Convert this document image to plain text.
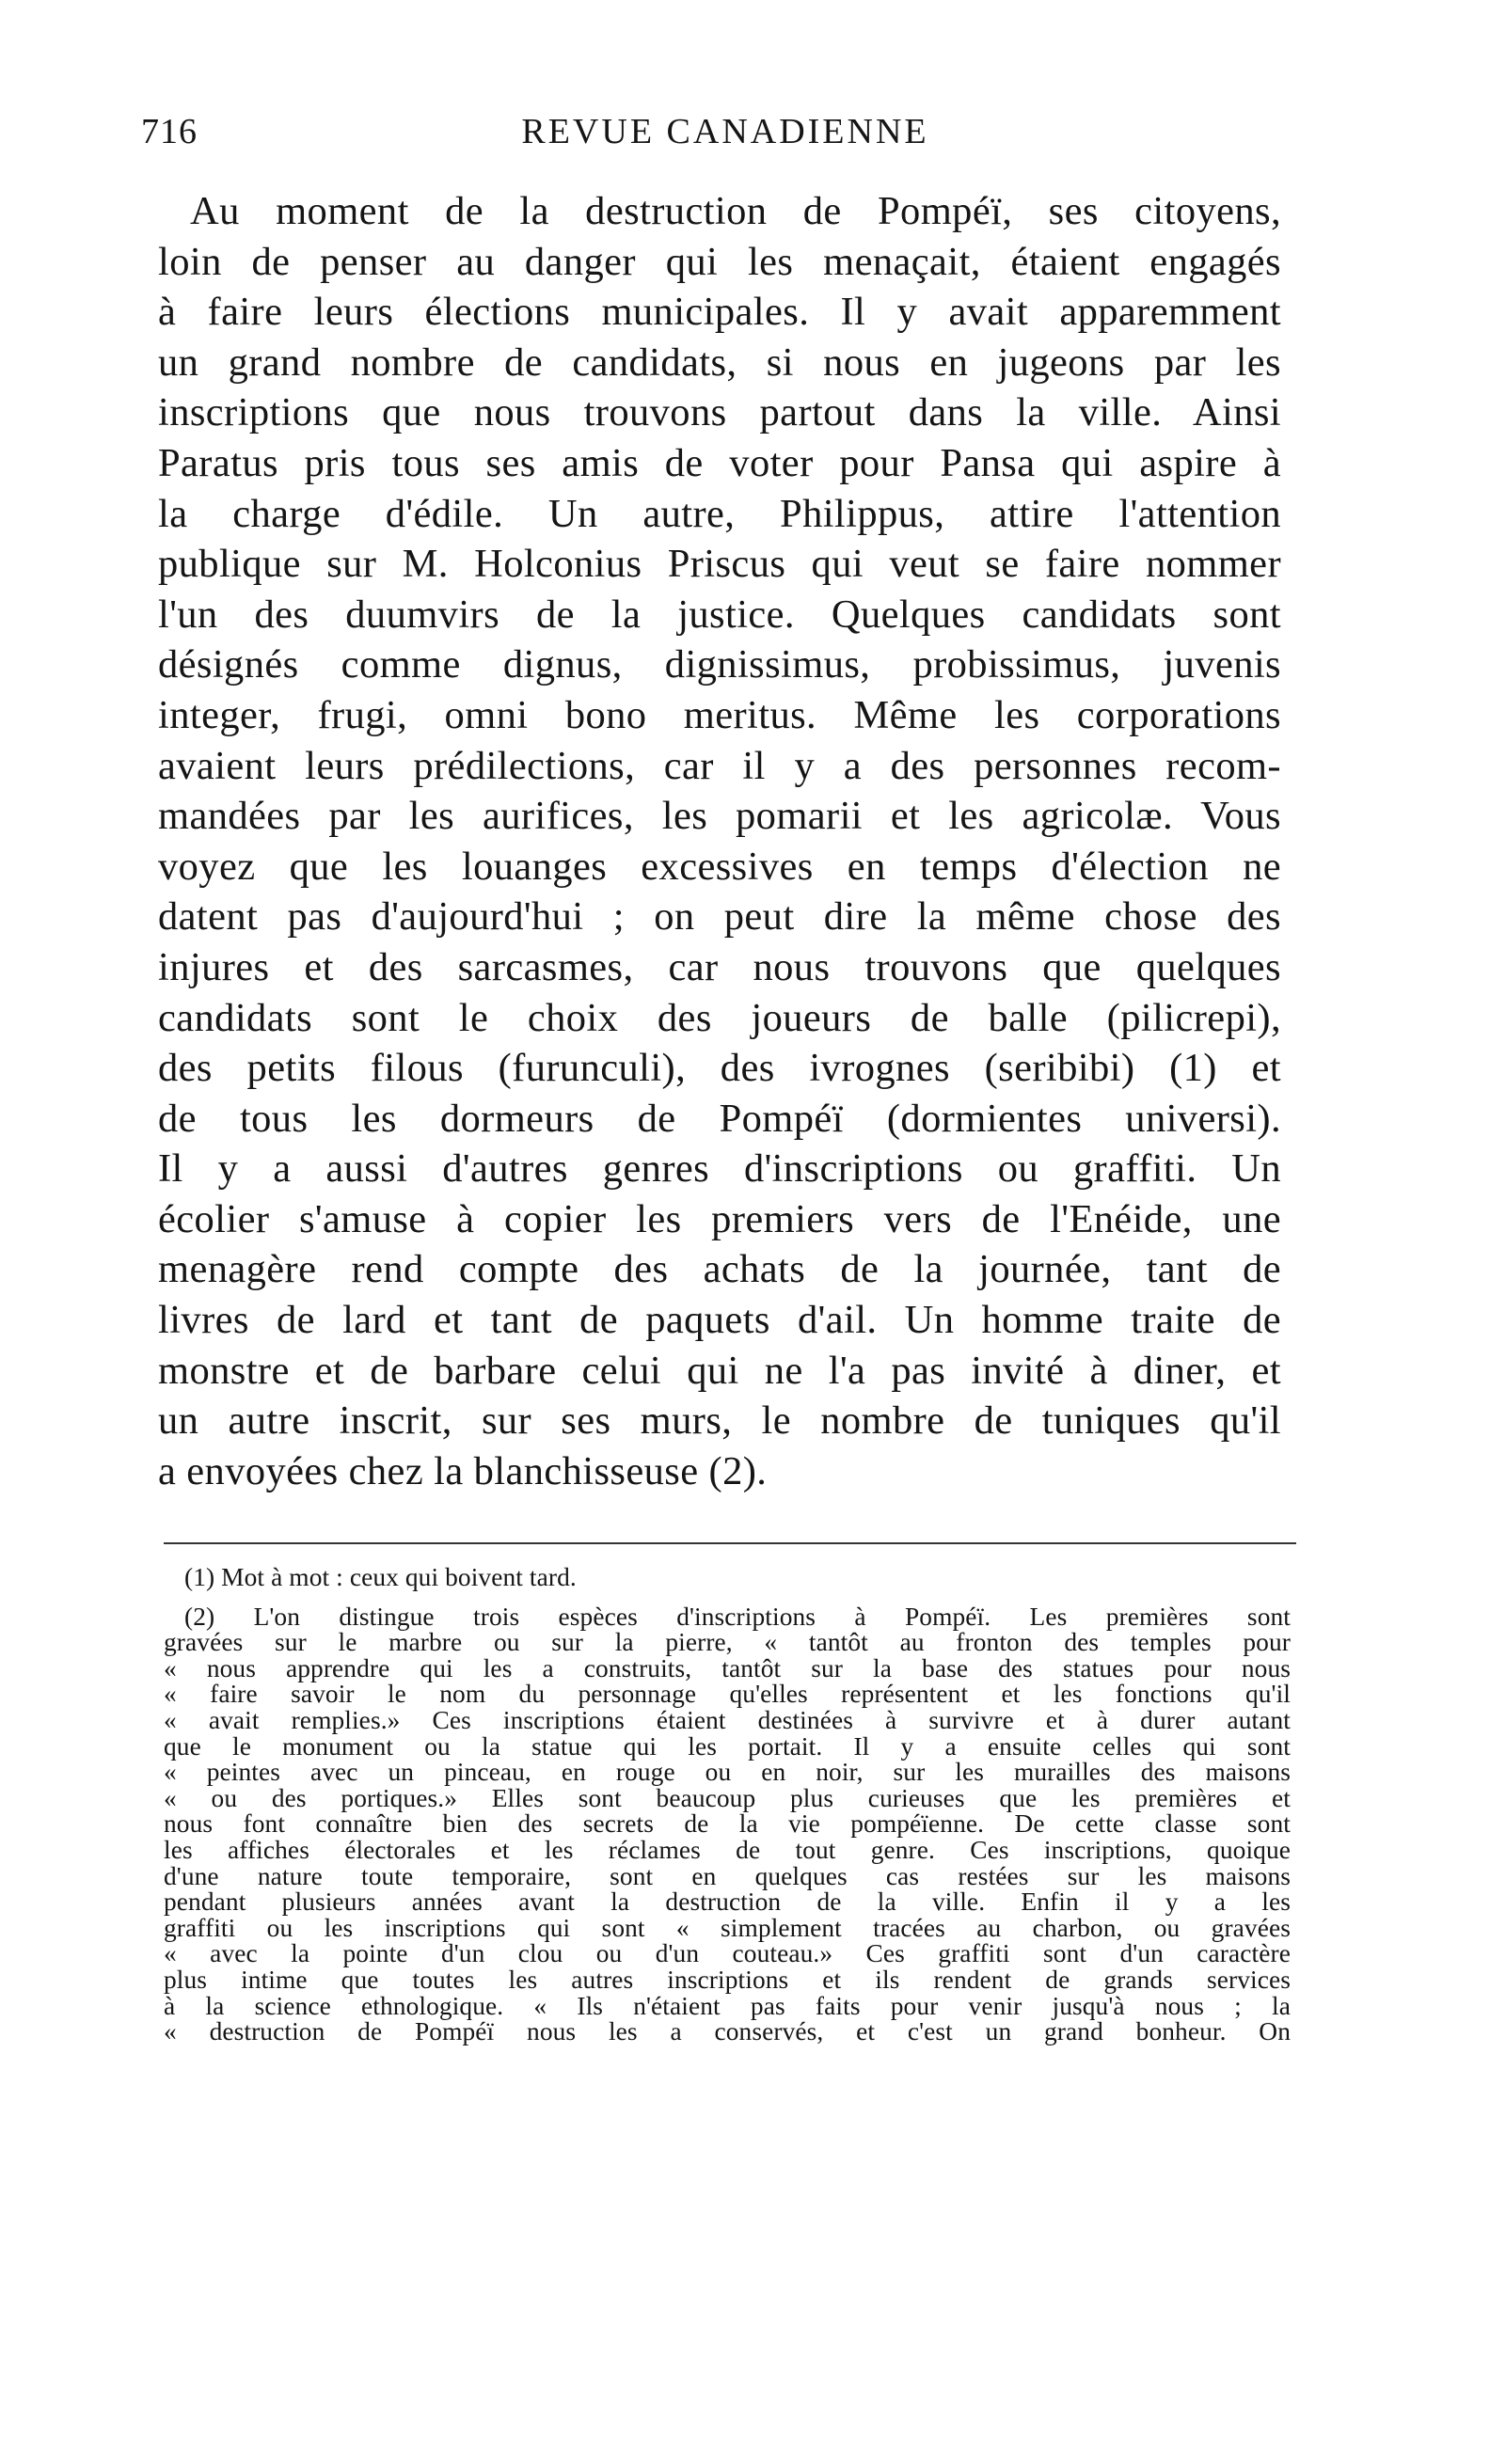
716	REVUE CANADIENNE
Au moment de la destruction de Pompéï, ses citoyens,
loin de penser au danger qui les menaçait, étaient engagés
à faire leurs élections municipales. Il y avait apparemment
un grand nombre de candidats, si nous en jugeons par les
inscriptions que nous trouvons partout dans la ville. Ainsi
Paratus pris tous ses amis de voter pour Pansa qui aspire à
la charge d'édile. Un autre, Philippus, attire l'attention
publique sur M. Holconius Priscus qui veut se faire nommer
l'un des duumvirs de la justice. Quelques candidats sont
désignés comme dignus, dignissimus, probissimus, juvenis
integer, frugi, omni bono meritus. Même les corporations
avaient leurs prédilections, car il y a des personnes recom-
mandées par les aurifices, les pomarii et les agricolæ. Vous
voyez que les louanges excessives en temps d'élection ne
datent pas d'aujourd'hui ; on peut dire la même chose des
injures et des sarcasmes, car nous trouvons que quelques
candidats sont le choix des joueurs de balle (pilicrepi),
des petits filous (furunculi), des ivrognes (seribibi) (1) et
de tous les dormeurs de Pompéï (dormientes universi).
Il y a aussi d'autres genres d'inscriptions ou graffiti. Un
écolier s'amuse à copier les premiers vers de l'Enéide, une
menagère rend compte des achats de la journée, tant de
livres de lard et tant de paquets d'ail. Un homme traite de
monstre et de barbare celui qui ne l'a pas invité à diner, et
un autre inscrit, sur ses murs, le nombre de tuniques qu'il
a envoyées chez la blanchisseuse (2).
(1) Mot à mot : ceux qui boivent tard.
(2) L'on distingue trois espèces d'inscriptions à Pompéï. Les premières sont
gravées sur le marbre ou sur la pierre, « tantôt au fronton des temples pour
« nous apprendre qui les a construits, tantôt sur la base des statues pour nous
« faire savoir le nom du personnage qu'elles représentent et les fonctions qu'il
« avait remplies.» Ces inscriptions étaient destinées à survivre et à durer autant
que le monument ou la statue qui les portait. Il y a ensuite celles qui sont
« peintes avec un pinceau, en rouge ou en noir, sur les murailles des maisons
« ou des portiques.» Elles sont beaucoup plus curieuses que les premières et
nous font connaître bien des secrets de la vie pompéïenne. De cette classe sont
les affiches électorales et les réclames de tout genre. Ces inscriptions, quoique
d'une nature toute temporaire, sont en quelques cas restées sur les maisons
pendant plusieurs années avant la destruction de la ville. Enfin il y a les
graffiti ou les inscriptions qui sont « simplement tracées au charbon, ou gravées
« avec la pointe d'un clou ou d'un couteau.» Ces graffiti sont d'un caractère
plus intime que toutes les autres inscriptions et ils rendent de grands services
à la science ethnologique. « Ils n'étaient pas faits pour venir jusqu'à nous ; la
« destruction de Pompéï nous les a conservés, et c'est un grand bonheur. On
